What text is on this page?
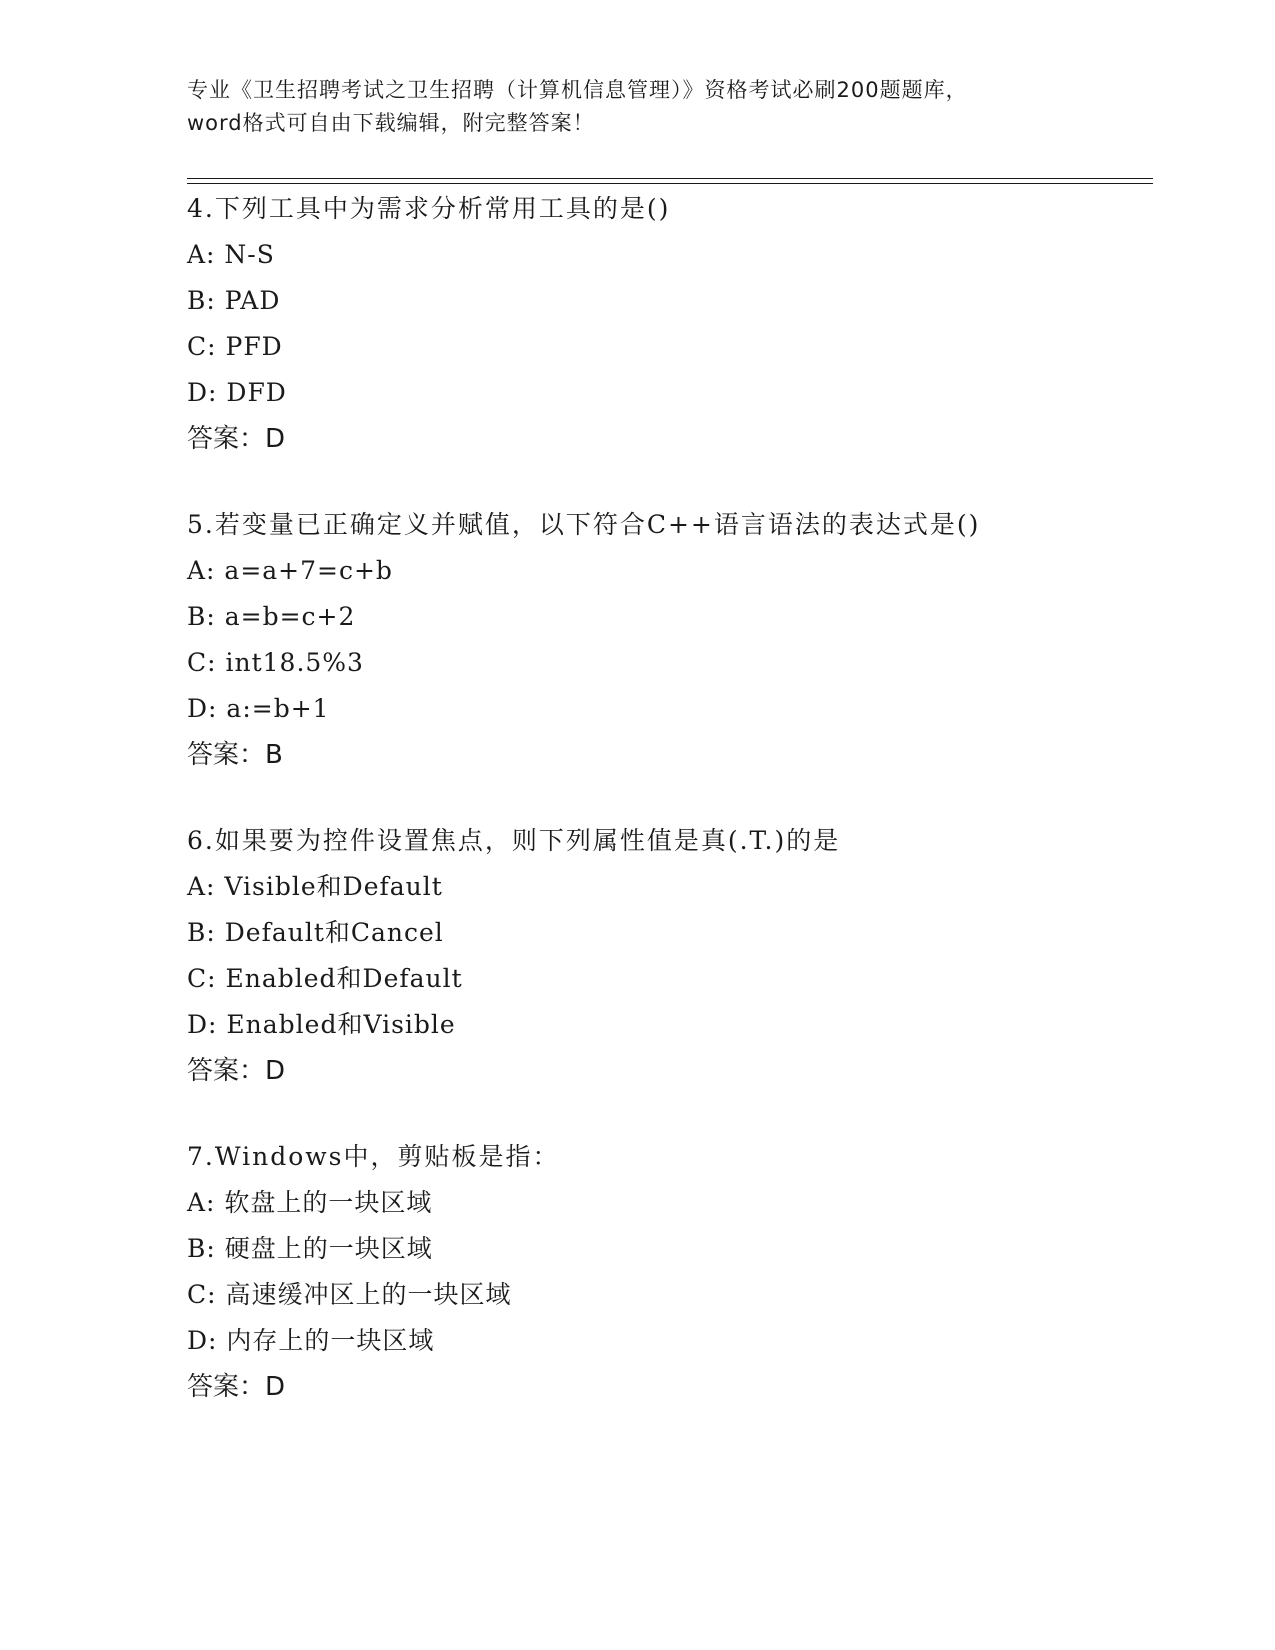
专业《卫生招聘考试之卫生招聘（计算机信息管理）》资格考试必刷200题题库，
word格式可自由下载编辑，附完整答案！
4.下列工具中为需求分析常用工具的是()
A: N-S
B: PAD
C: PFD
D: DFD
答案：D
5.若变量已正确定义并赋值，以下符合C++语言语法的表达式是()
A: a=a+7=c+b
B: a=b=c+2
C: int18.5%3
D: a:=b+1
答案：B
6.如果要为控件设置焦点，则下列属性值是真(.T.)的是
A: Visible和Default
B: Default和Cancel
C: Enabled和Default
D: Enabled和Visible
答案：D
7.Windows中，剪贴板是指：
A: 软盘上的一块区域
B: 硬盘上的一块区域
C: 高速缓冲区上的一块区域
D: 内存上的一块区域
答案：D
